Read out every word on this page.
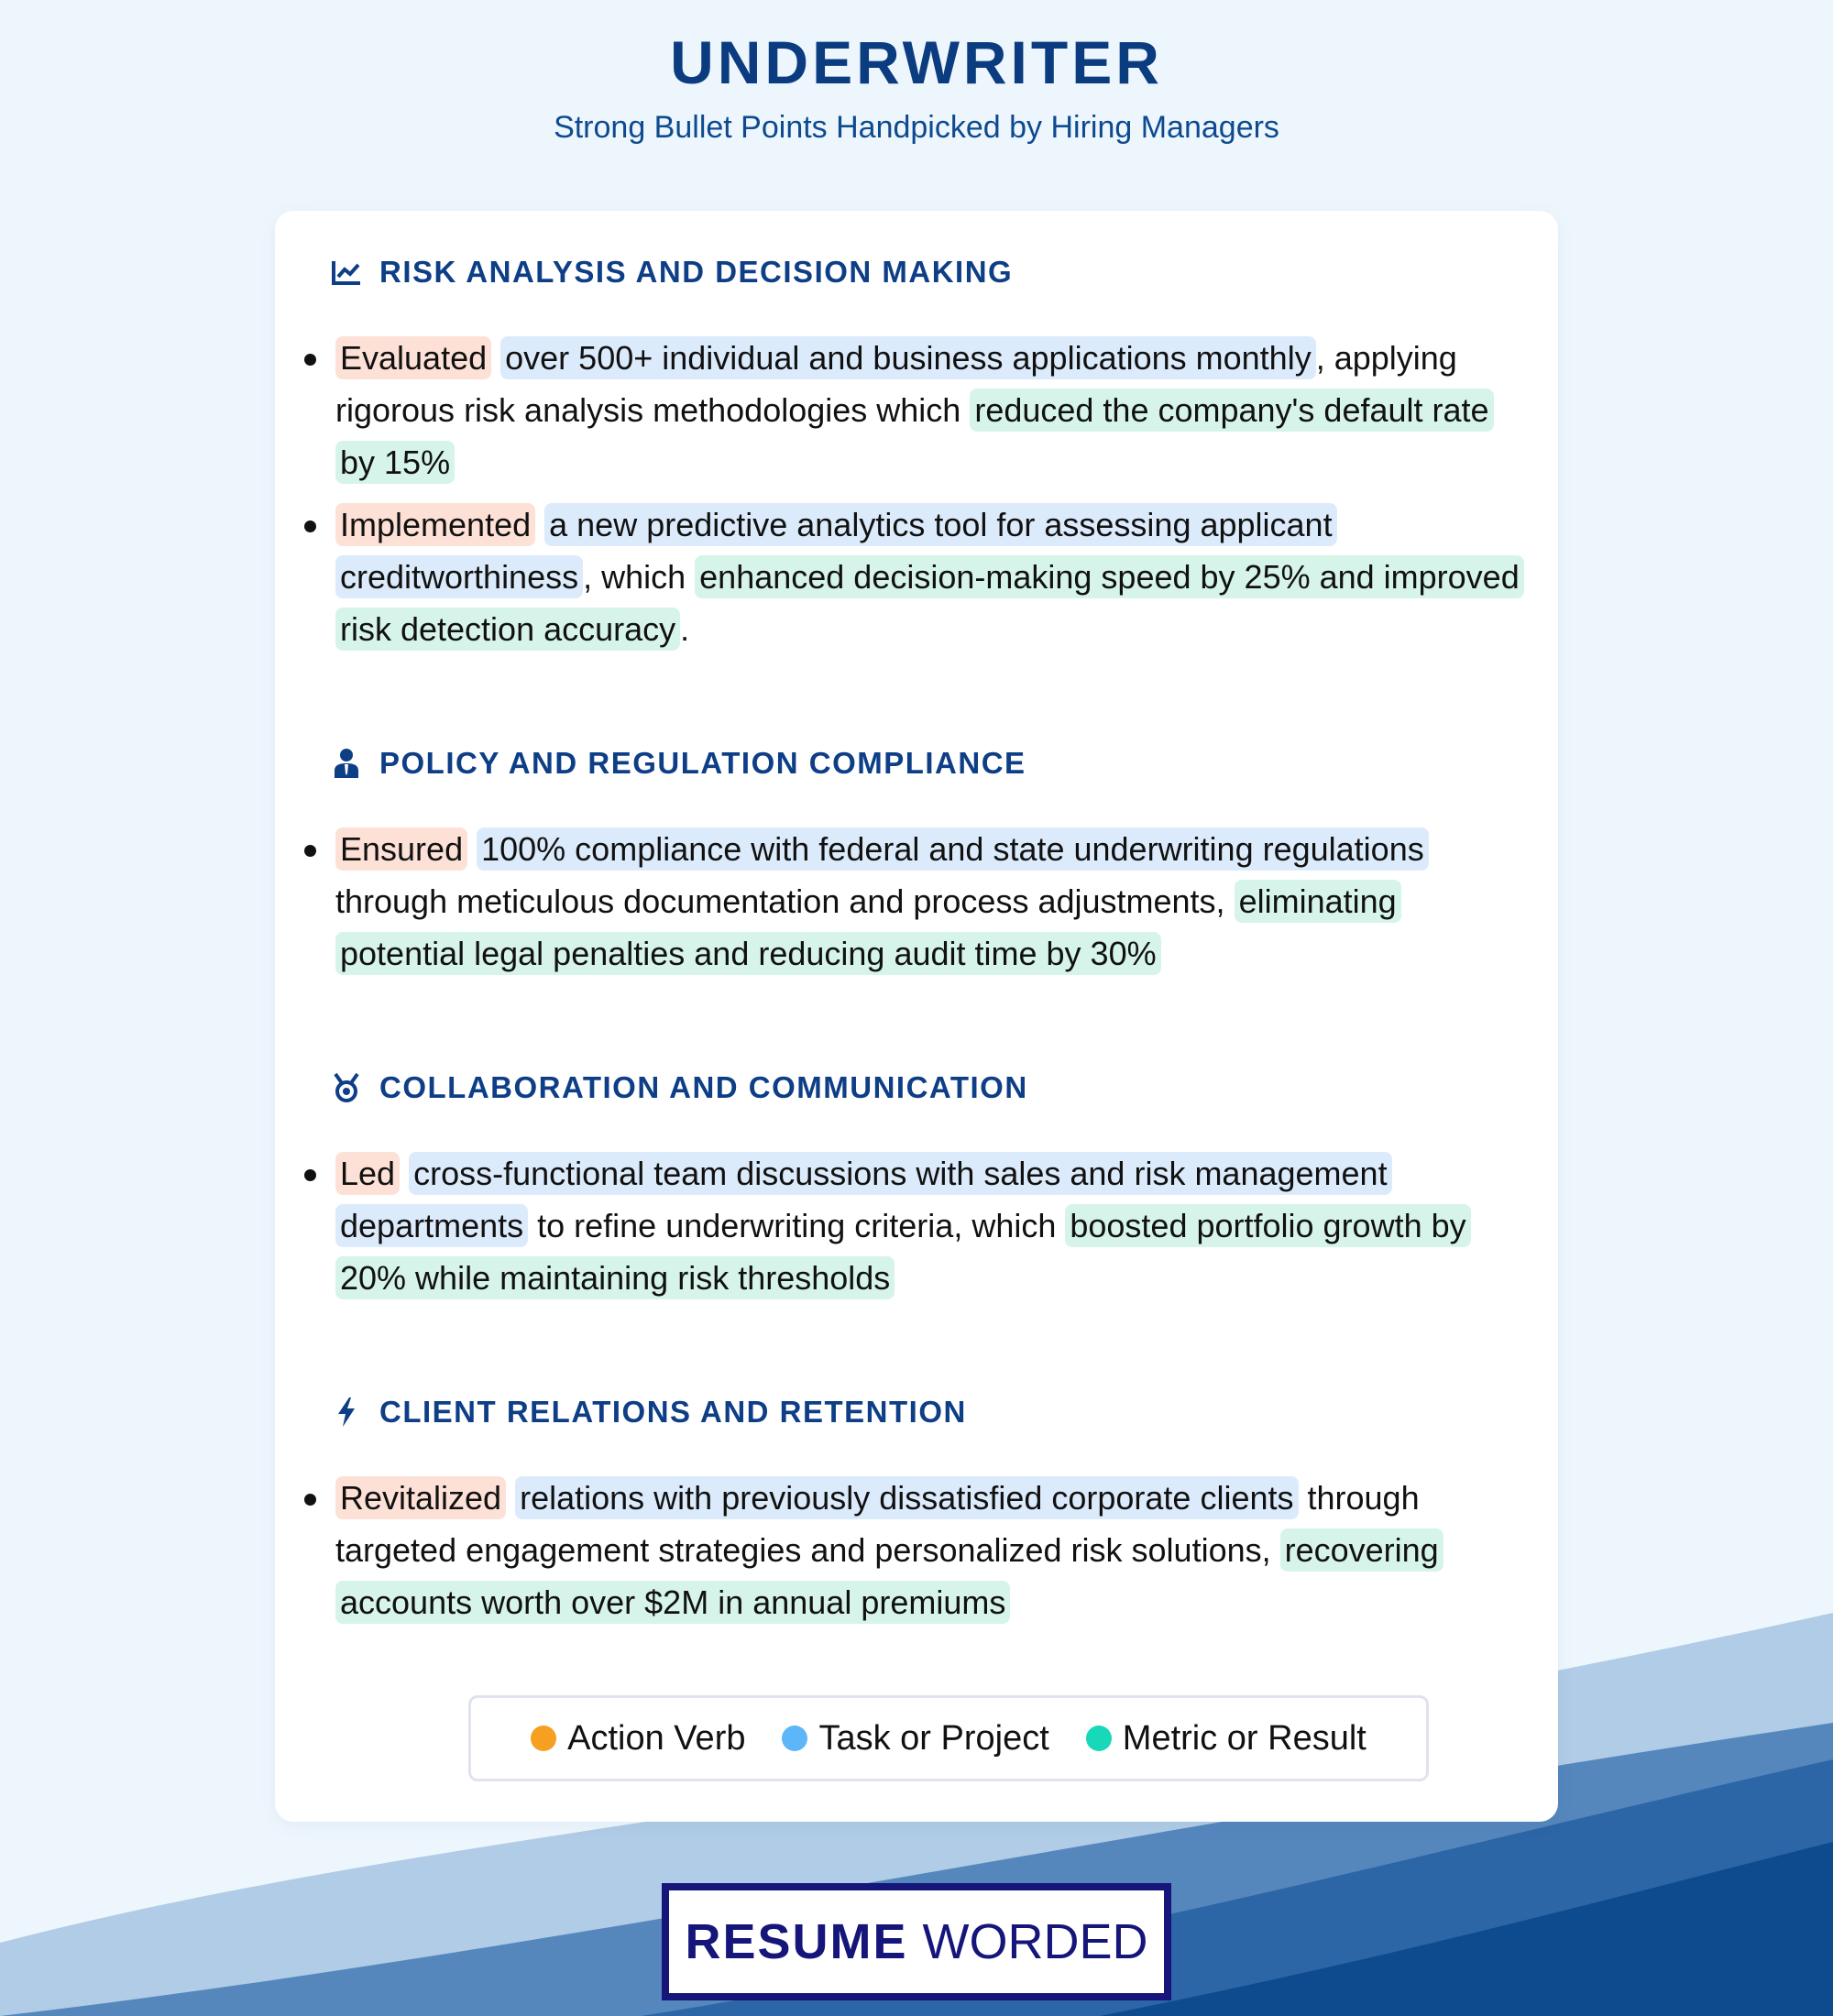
UNDERWRITER
Strong Bullet Points Handpicked by Hiring Managers
RISK ANALYSIS AND DECISION MAKING
Evaluated over 500+ individual and business applications monthly , applying rigorous risk analysis methodologies which reduced the company's default rate by 15%
Implemented a new predictive analytics tool for assessing applicant creditworthiness , which enhanced decision-making speed by 25% and improved risk detection accuracy .
POLICY AND REGULATION COMPLIANCE
Ensured 100% compliance with federal and state underwriting regulations through meticulous documentation and process adjustments, eliminating potential legal penalties and reducing audit time by 30%
COLLABORATION AND COMMUNICATION
Led cross-functional team discussions with sales and risk management departments to refine underwriting criteria, which boosted portfolio growth by 20% while maintaining risk thresholds
CLIENT RELATIONS AND RETENTION
Revitalized relations with previously dissatisfied corporate clients through targeted engagement strategies and personalized risk solutions, recovering accounts worth over $2M in annual premiums
Action Verb Task or Project Metric or Result
RESUME WORDED
